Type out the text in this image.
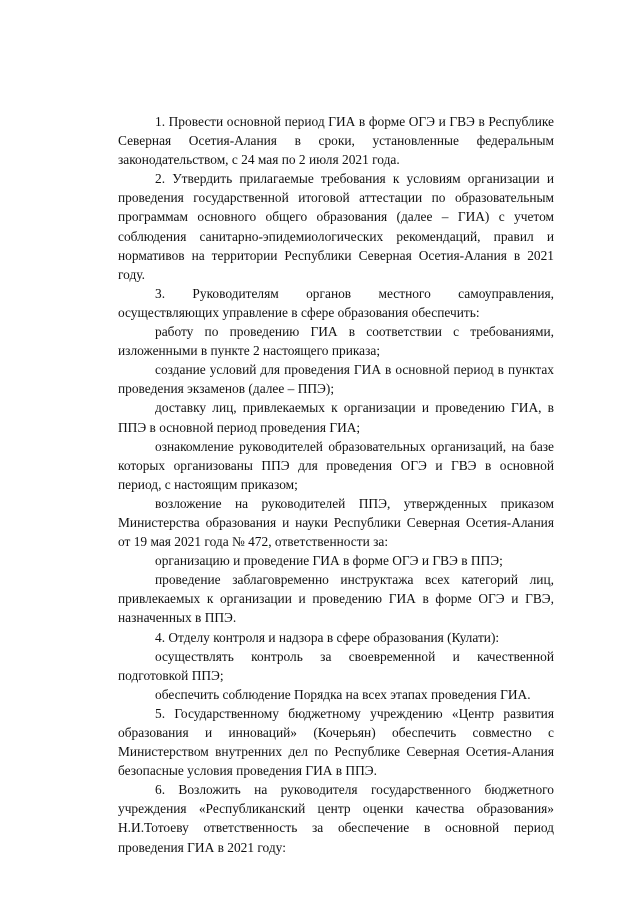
1. Провести основной период ГИА в форме ОГЭ и ГВЭ в Республике Северная Осетия-Алания в сроки, установленные федеральным законодательством, с 24 мая по 2 июля 2021 года.

2. Утвердить прилагаемые требования к условиям организации и проведения государственной итоговой аттестации по образовательным программам основного общего образования (далее – ГИА) с учетом соблюдения санитарно-эпидемиологических рекомендаций, правил и нормативов на территории Республики Северная Осетия-Алания в 2021 году.

3. Руководителям органов местного самоуправления, осуществляющих управление в сфере образования обеспечить:

работу по проведению ГИА в соответствии с требованиями, изложенными в пункте 2 настоящего приказа;

создание условий для проведения ГИА в основной период в пунктах проведения экзаменов (далее – ППЭ);

доставку лиц, привлекаемых к организации и проведению ГИА, в ППЭ в основной период проведения ГИА;

ознакомление руководителей образовательных организаций, на базе которых организованы ППЭ для проведения ОГЭ и ГВЭ в основной период, с настоящим приказом;

возложение на руководителей ППЭ, утвержденных приказом Министерства образования и науки Республики Северная Осетия-Алания от 19 мая 2021 года № 472, ответственности за:

организацию и проведение ГИА в форме ОГЭ и ГВЭ в ППЭ;

проведение заблаговременно инструктажа всех категорий лиц, привлекаемых к организации и проведению ГИА в форме ОГЭ и ГВЭ, назначенных в ППЭ.

4. Отделу контроля и надзора в сфере образования (Кулати):

осуществлять контроль за своевременной и качественной подготовкой ППЭ;

обеспечить соблюдение Порядка на всех этапах проведения ГИА.

5. Государственному бюджетному учреждению «Центр развития образования и инноваций» (Кочерьян) обеспечить совместно с Министерством внутренних дел по Республике Северная Осетия-Алания безопасные условия проведения ГИА в ППЭ.

6. Возложить на руководителя государственного бюджетного учреждения «Республиканский центр оценки качества образования» Н.И.Тотоеву ответственность за обеспечение в основной период проведения ГИА в 2021 году:
